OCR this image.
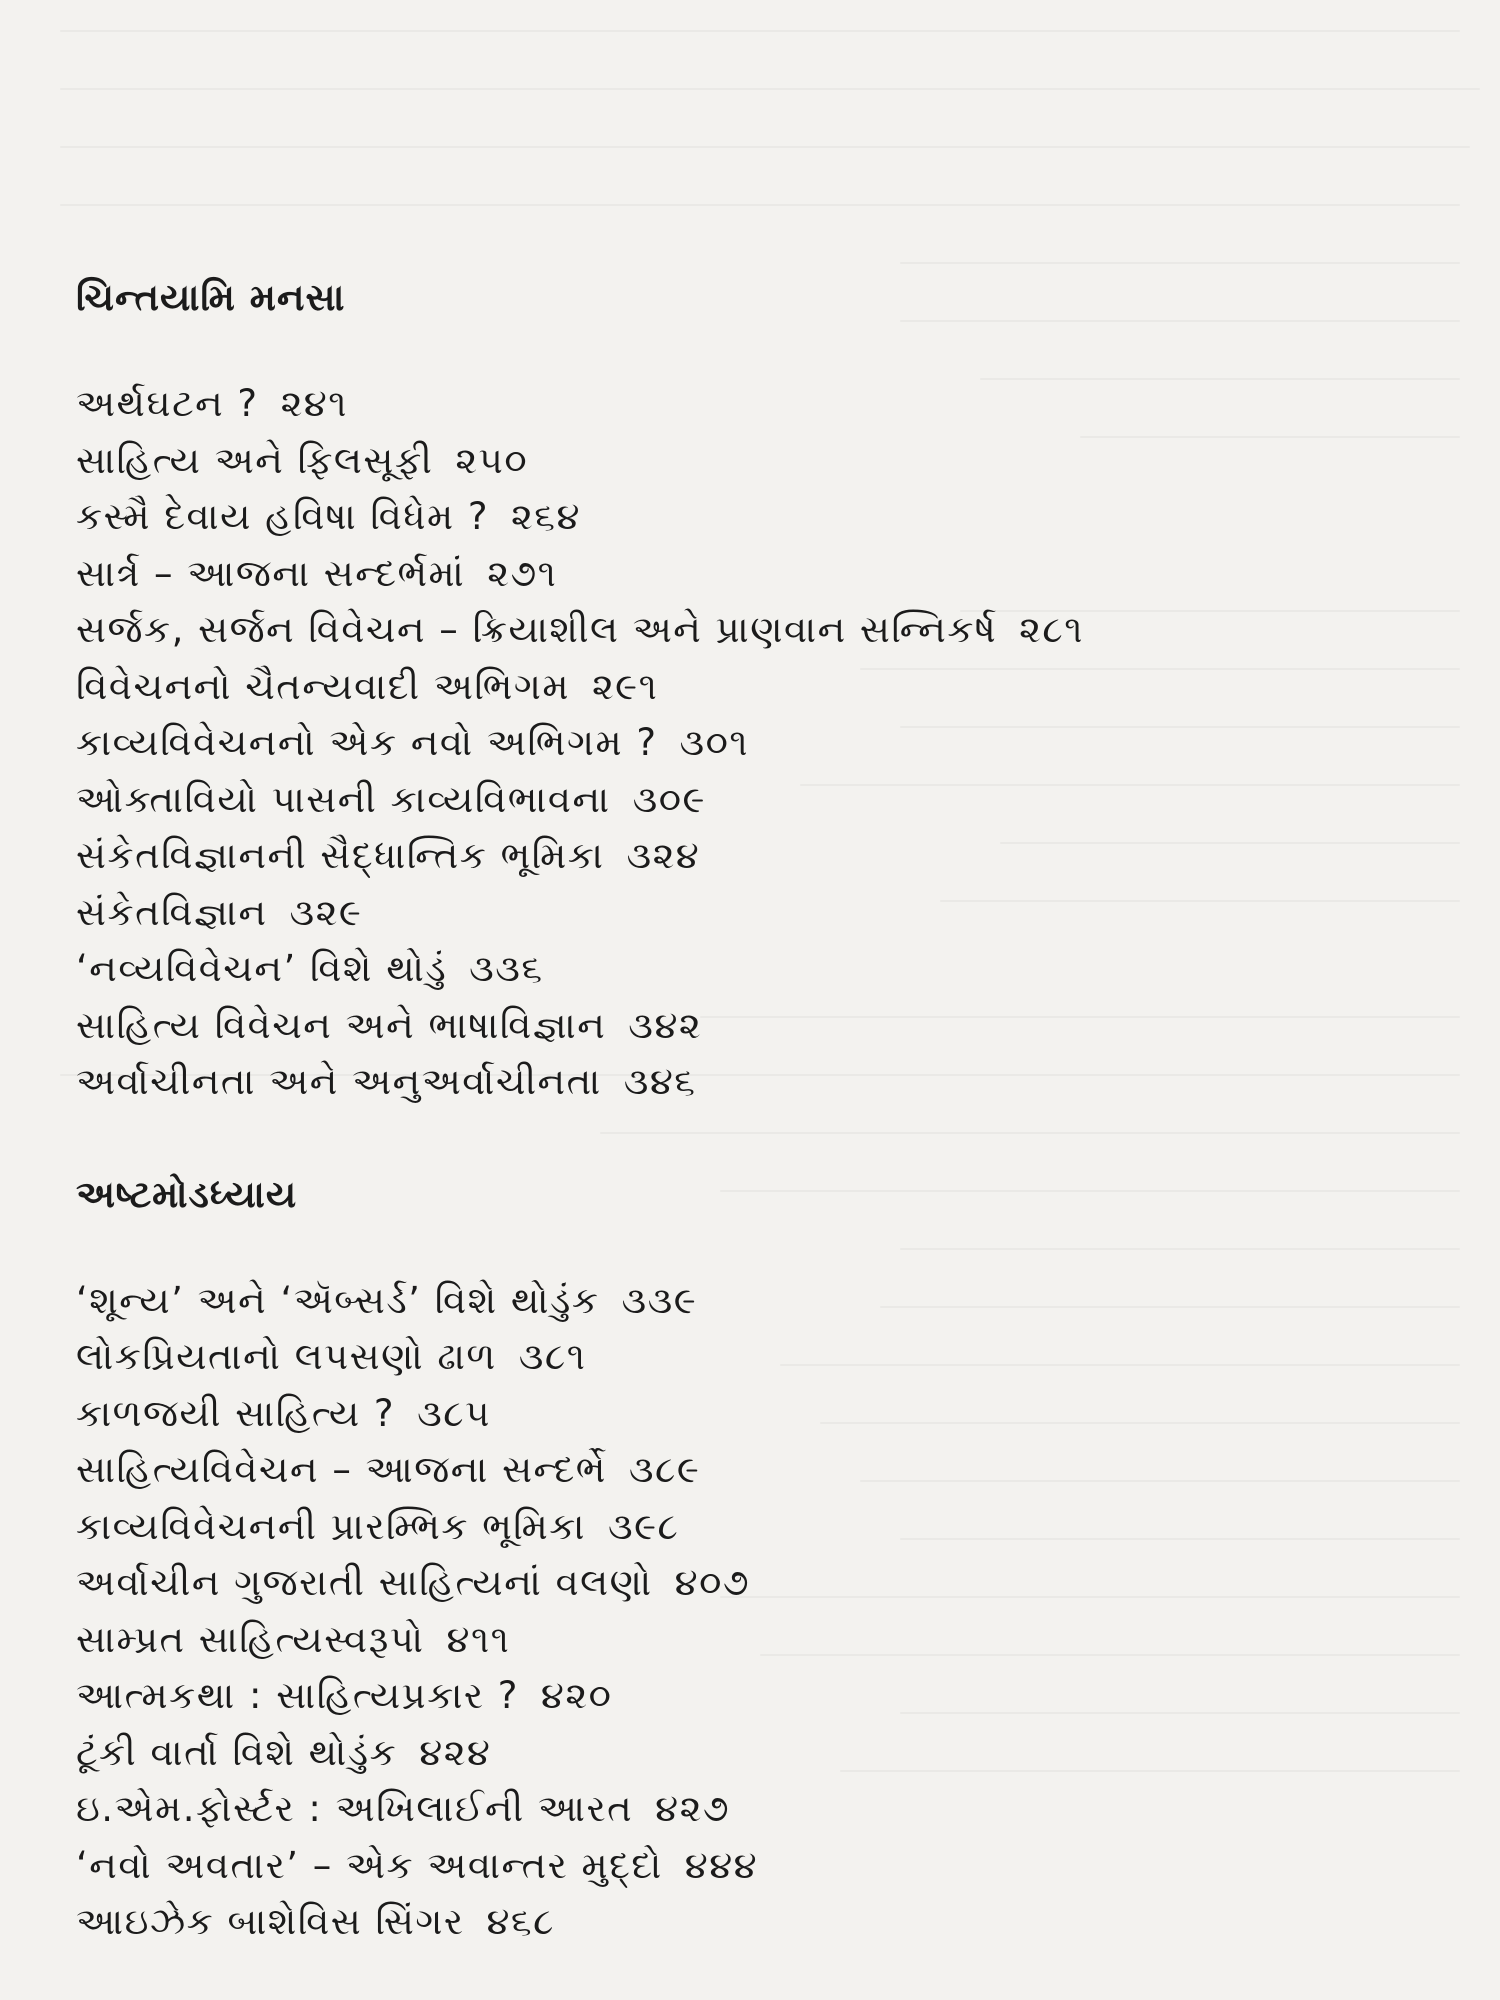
ચિન્તયામિ મનસા
અર્થઘટન ? ૨૪૧
સાહિત્ય અને ફિલસૂફી ૨૫૦
કસ્મૈ દેવાય હવિષા વિધેમ ? ૨૬૪
સાર્ત્ર – આજના સન્દર્ભમાં ૨૭૧
સર્જક, સર્જન વિવેચન – ક્રિયાશીલ અને પ્રાણવાન સન્નિકર્ષ ૨૮૧
વિવેચનનો ચૈતન્યવાદી અભિગમ ૨૯૧
કાવ્યવિવેચનનો એક નવો અભિગમ ? ૩૦૧
ઓક્તાવિયો પાસની કાવ્યવિભાવના ૩૦૯
સંકેતવિજ્ઞાનની સૈદ્ધાન્તિક ભૂમિકા ૩૨૪
સંકેતવિજ્ઞાન ૩૨૯
‘નવ્યવિવેચન’ વિશે થોડું ૩૩૬
સાહિત્ય વિવેચન અને ભાષાવિજ્ઞાન ૩૪૨
અર્વાચીનતા અને અનુઅર્વાચીનતા ૩૪૬
અષ્ટમોડધ્યાય
‘શૂન્ય’ અને ‘ઍબ્સર્ડ’ વિશે થોડુંક ૩૩૯
લોકપ્રિયતાનો લપસણો ઢાળ ૩૮૧
કાળજયી સાહિત્ય ? ૩૮૫
સાહિત્યવિવેચન – આજના સન્દર્ભે ૩૮૯
કાવ્યવિવેચનની પ્રારમ્ભિક ભૂમિકા ૩૯૮
અર્વાચીન ગુજરાતી સાહિત્યનાં વલણો ૪૦૭
સામ્પ્રત સાહિત્યસ્વરૂપો ૪૧૧
આત્મકથા : સાહિત્યપ્રકાર ? ૪૨૦
ટૂંકી વાર્તા વિશે થોડુંક ૪૨૪
ઇ.એમ.ફોર્સ્ટર : અખિલાઈની આરત ૪૨૭
‘નવો અવતાર’ – એક અવાન્તર મુદ્દો ૪૪૪
આઇઝેક બાશેવિસ સિંગર ૪૬૮
